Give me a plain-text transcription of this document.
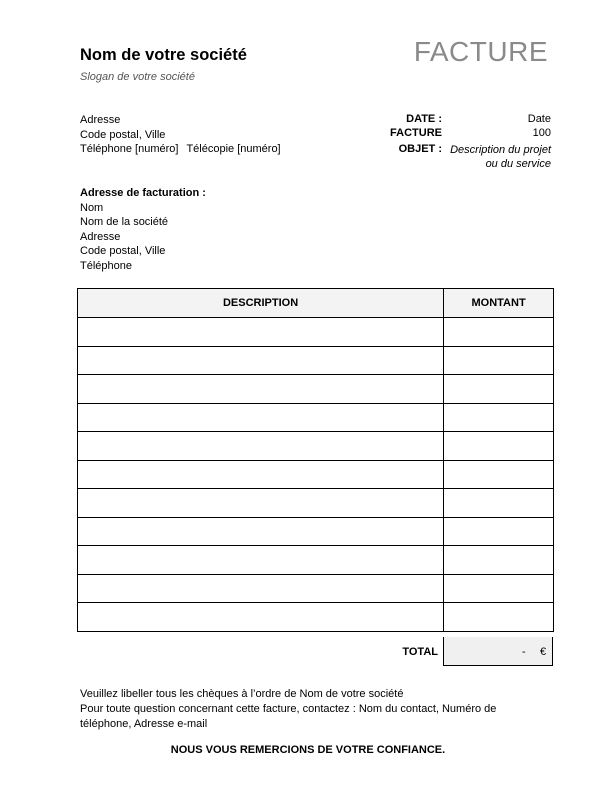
Nom de votre société
Slogan de votre société
FACTURE
Adresse
Code postal, Ville
Téléphone [numéro] Télécopie [numéro]
DATE :	Date
FACTURE	100
OBJET : Description du projet
ou du service
Adresse de facturation :
Nom
Nom de la société
Adresse
Code postal, Ville
Téléphone
DESCRIPTION	MONTANT

TOTAL	- €
Veuillez libeller tous les chèques à l’ordre de Nom de votre société
Pour toute question concernant cette facture, contactez : Nom du contact, Numéro de téléphone, Adresse e-mail
NOUS VOUS REMERCIONS DE VOTRE CONFIANCE.
